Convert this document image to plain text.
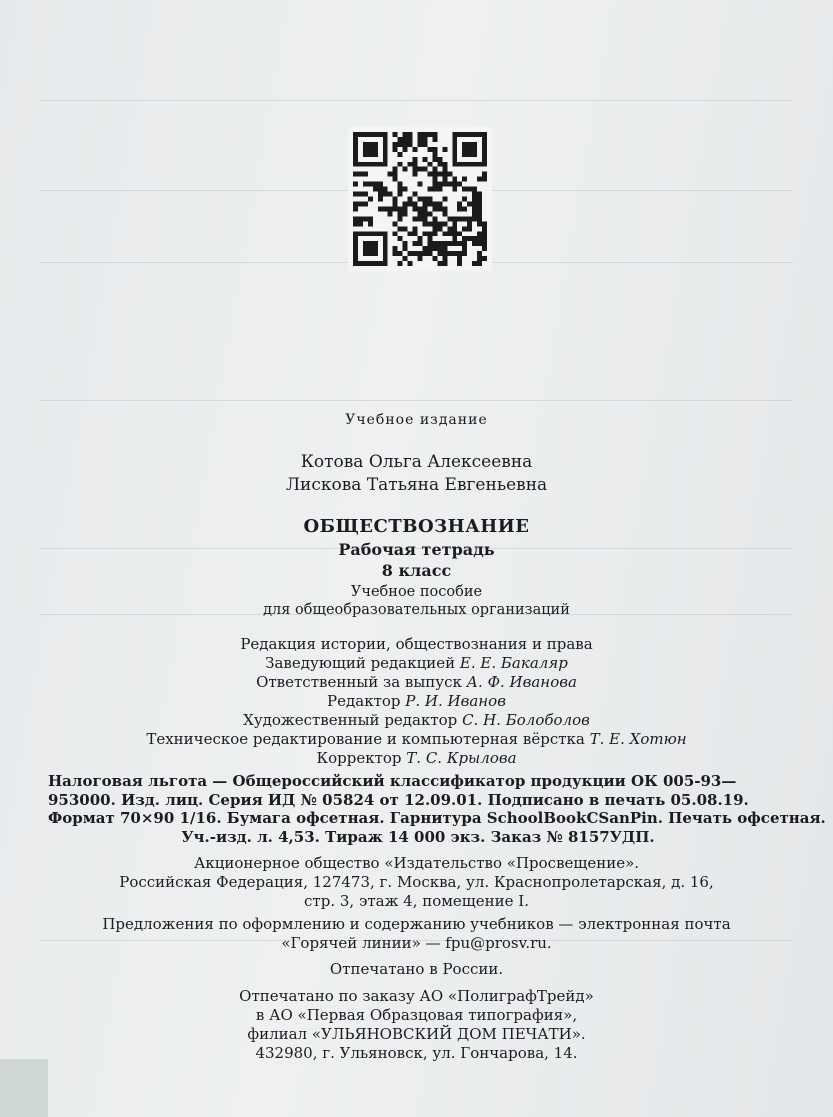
Учебное издание
Котова Ольга Алексеевна
Лискова Татьяна Евгеньевна
ОБЩЕСТВОЗНАНИЕ
Рабочая тетрадь
8 класс
Учебное пособие
для общеобразовательных организаций
Редакция истории, обществознания и права
Заведующий редакцией Е. Е. Бакаляр
Ответственный за выпуск А. Ф. Иванова
Редактор Р. И. Иванов
Художественный редактор С. Н. Болоболов
Техническое редактирование и компьютерная вёрстка Т. Е. Хотюн
Корректор Т. С. Крылова
Налоговая льгота — Общероссийский классификатор продукции ОК 005-93—
953000. Изд. лиц. Серия ИД № 05824 от 12.09.01. Подписано в печать 05.08.19.
Формат 70×90 1/16. Бумага офсетная. Гарнитура SchoolBookCSanPin. Печать офсетная.
Уч.-изд. л. 4,53. Тираж 14 000 экз. Заказ № 8157УДП.
Акционерное общество «Издательство «Просвещение».
Российская Федерация, 127473, г. Москва, ул. Краснопролетарская, д. 16,
стр. 3, этаж 4, помещение I.
Предложения по оформлению и содержанию учебников — электронная почта
«Горячей линии» — fpu@prosv.ru.
Отпечатано в России.
Отпечатано по заказу АО «ПолиграфТрейд»
в АО «Первая Образцовая типография»,
филиал «УЛЬЯНОВСКИЙ ДОМ ПЕЧАТИ».
432980, г. Ульяновск, ул. Гончарова, 14.
